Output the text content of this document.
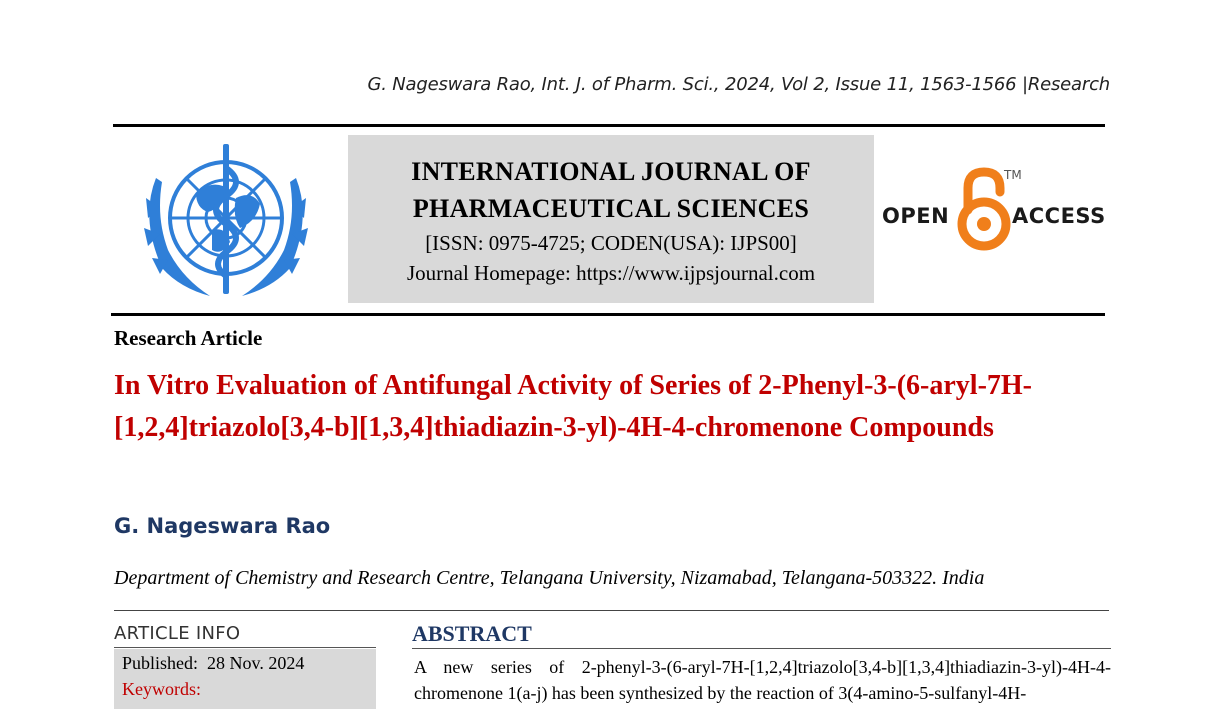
G. Nageswara Rao, Int. J. of Pharm. Sci., 2024, Vol 2, Issue 11, 1563-1566 |Research
INTERNATIONAL JOURNAL OF
PHARMACEUTICAL SCIENCES
[ISSN: 0975-4725; CODEN(USA): IJPS00]
Journal Homepage: https://www.ijpsjournal.com
OPEN
TM
ACCESS
Research Article
In Vitro Evaluation of Antifungal Activity of Series of 2-Phenyl-3-(6-aryl-7H-[1,2,4]triazolo[3,4-b][1,3,4]thiadiazin-3-yl)-4H-4-chromenone Compounds
G. Nageswara Rao
Department of Chemistry and Research Centre, Telangana University, Nizamabad, Telangana-503322. India
ARTICLE INFO
Published: 28 Nov. 2024
Keywords:
ABSTRACT
A new series of 2-phenyl-3-(6-aryl-7H-[1,2,4]triazolo[3,4-b][1,3,4]thiadiazin-3-yl)-4H-4-chromenone 1(a-j) has been synthesized by the reaction of 3(4-amino-5-sulfanyl-4H-
